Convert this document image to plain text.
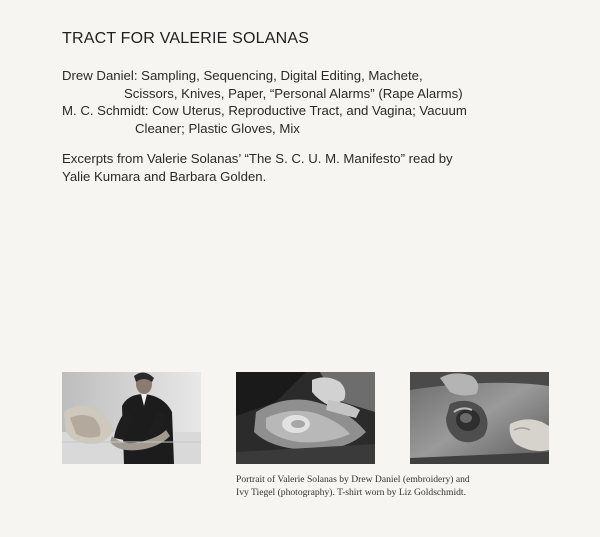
TRACT FOR VALERIE SOLANAS

Drew Daniel: Sampling, Sequencing, Digital Editing, Machete,
Scissors, Knives, Paper, “Personal Alarms” (Rape Alarms)

M. C. Schmidt: Cow Uterus, Reproductive Tract, and Vagina; Vacuum
Cleaner; Plastic Gloves, Mix

Excerpts from Valerie Solanas’ “The S. C. U. M. Manifesto” read by
Yalie Kumara and Barbara Golden.
Portrait of Valerie Solanas by Drew Daniel (embroidery) and
Ivy Tiegel (photography). T-shirt worn by Liz Goldschmidt.
